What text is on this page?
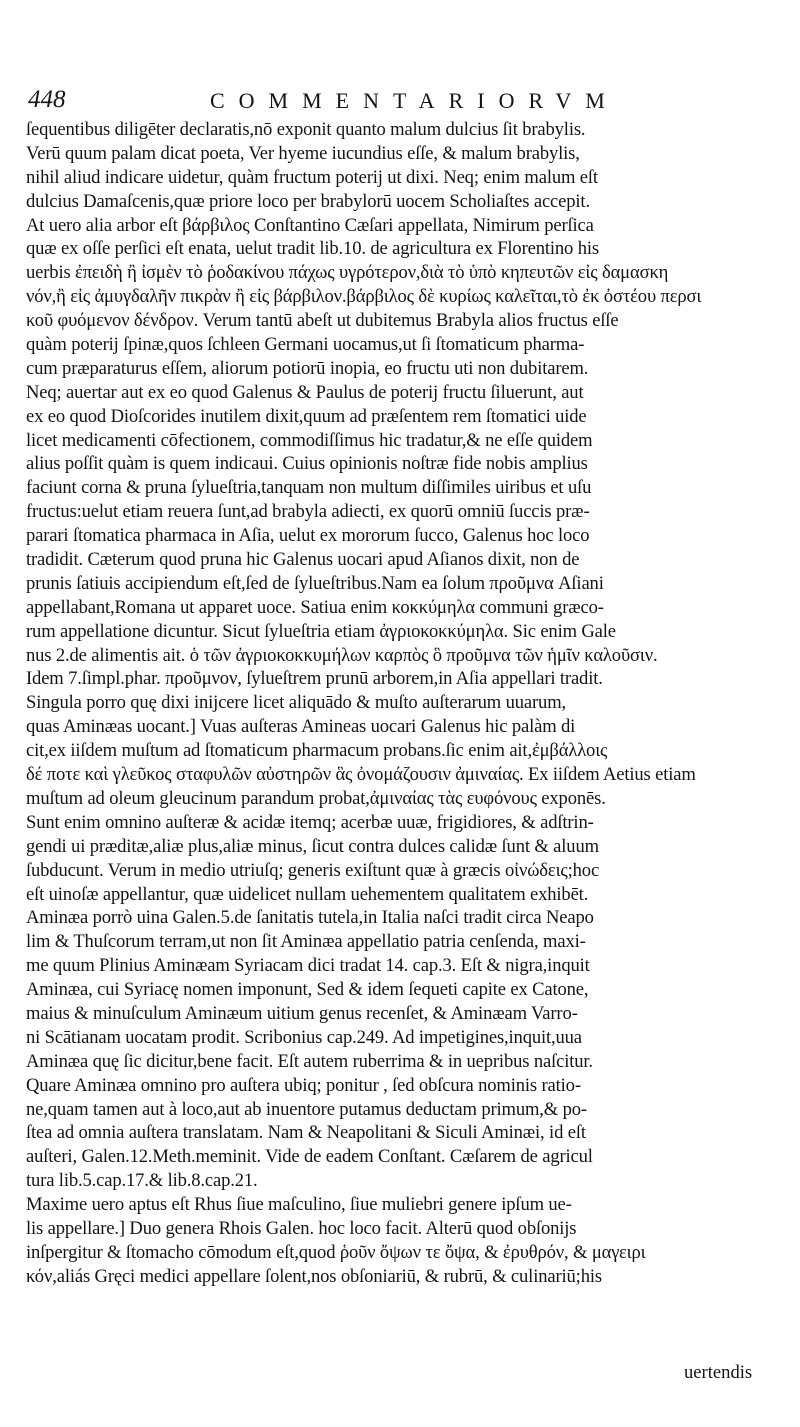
448	COMMENTARIORVM
ſequentibus diligēter declaratis,nō exponit quanto malum dulcius ſit brabylis.
Verū quum palam dicat poeta, Ver hyeme iucundius eſſe, & malum brabylis,
nihil aliud indicare uidetur, quàm fructum poterij ut dixi. Neq; enim malum eſt
dulcius Damaſcenis,quæ priore loco per brabylorū uocem Scholiaſtes accepit.
At uero alia arbor eſt βάρβιλος Conſtantino Cæſari appellata, Nimirum perſica
quæ ex oſſe perſici eſt enata, uelut tradit lib.10. de agricultura ex Florentino his
uerbis ἐπειδὴ ἢ ἰσμὲν τὸ ῥοδακίνου πάχως υγρότερον,διὰ τὸ ὑπὸ κηπευτῶν εἰς δαμασκη
νόν,ἢ εἰς ἀμυγδαλῆν πικρὰν ἢ εἰς βάρβιλον.βάρβιλος δὲ κυρίως καλεῖται,τὸ ἐκ ὀστέου περσι
κοῦ φυόμενον δένδρον. Verum tantū abeſt ut dubitemus Brabyla alios fructus eſſe
quàm poterij ſpinæ,quos ſchleen Germani uocamus,ut ſi ſtomaticum pharma-
cum præparaturus eſſem, aliorum potiorū inopia, eo fructu uti non dubitarem.
Neq; auertar aut ex eo quod Galenus & Paulus de poterij fructu ſiluerunt, aut
ex eo quod Dioſcorides inutilem dixit,quum ad præſentem rem ſtomatici uide
licet medicamenti cōfectionem, commodiſſimus hic tradatur,& ne eſſe quidem
alius poſſit quàm is quem indicaui. Cuius opinionis noſtræ fide nobis amplius
faciunt corna & pruna ſylueſtria,tanquam non multum diſſimiles uiribus et uſu
fructus:uelut etiam reuera ſunt,ad brabyla adiecti, ex quorū omniū ſuccis præ-
parari ſtomatica pharmaca in Aſia, uelut ex mororum ſucco, Galenus hoc loco
tradidit. Cæterum quod pruna hic Galenus uocari apud Aſianos dixit, non de
prunis ſatiuis accipiendum eſt,ſed de ſylueſtribus.Nam ea ſolum προῦμνα Aſiani
appellabant,Romana ut apparet uoce. Satiua enim κοκκύμηλα communi græco-
rum appellatione dicuntur. Sicut ſylueſtria etiam ἀγριοκοκκύμηλα. Sic enim Gale
nus 2.de alimentis ait. ὁ τῶν ἀγριοκοκκυμήλων καρπὸς ὃ προῦμνα τῶν ἡμῖν καλοῦσιν.
Idem 7.ſimpl.phar. προῦμνον, ſylueſtrem prunū arborem,in Aſia appellari tradit.
Singula porro quę dixi inijcere licet aliquādo & muſto auſterarum uuarum,
quas Aminæas uocant.] Vuas auſteras Amineas uocari Galenus hic palàm di
cit,ex iiſdem muſtum ad ſtomaticum pharmacum probans.ſic enim ait,ἐμβάλλοις
δέ ποτε καὶ γλεῦκος σταφυλῶν αὐστηρῶν ἃς ὀνομάζουσιν ἀμιναίας. Ex iiſdem Aetius etiam
muſtum ad oleum gleucinum parandum probat,ἀμιναίας τὰς ευφόνους exponēs.
Sunt enim omnino auſteræ & acidæ itemq; acerbæ uuæ, frigidiores, & adſtrin-
gendi ui præditæ,aliæ plus,aliæ minus, ſicut contra dulces calidæ ſunt & aluum
ſubducunt. Verum in medio utriuſq; generis exiſtunt quæ à græcis οἰνώδεις;hoc
eſt uinoſæ appellantur, quæ uidelicet nullam uehementem qualitatem exhibēt.
Aminæa porrò uina Galen.5.de ſanitatis tutela,in Italia naſci tradit circa Neapo
lim & Thuſcorum terram,ut non ſit Aminæa appellatio patria cenſenda, maxi-
me quum Plinius Aminæam Syriacam dici tradat 14. cap.3. Eſt & nigra,inquit
Aminæa, cui Syriacę nomen imponunt, Sed & idem ſequeti capite ex Catone,
maius & minuſculum Aminæum uitium genus recenſet, & Aminæam Varro-
ni Scātianam uocatam prodit. Scribonius cap.249. Ad impetigines,inquit,uua
Aminæa quę ſic dicitur,bene facit. Eſt autem ruberrima & in uepribus naſcitur.
Quare Aminæa omnino pro auſtera ubiq; ponitur , ſed obſcura nominis ratio-
ne,quam tamen aut à loco,aut ab inuentore putamus deductam primum,& po-
ſtea ad omnia auſtera translatam. Nam & Neapolitani & Siculi Aminæi, id eſt
auſteri, Galen.12.Meth.meminit. Vide de eadem Conſtant. Cæſarem de agricul
tura lib.5.cap.17.& lib.8.cap.21.
Maxime uero aptus eſt Rhus ſiue maſculino, ſiue muliebri genere ipſum ue-
lis appellare.] Duo genera Rhois Galen. hoc loco facit. Alterū quod obſonijs
inſpergitur & ſtomacho cōmodum eſt,quod ῥοῦν ὄψων τε ὄψα, & ἐρυθρόν, & μαγειρι
κόν,aliás Gręci medici appellare ſolent,nos obſoniariū, & rubrū, & culinariū;his
uertendis
